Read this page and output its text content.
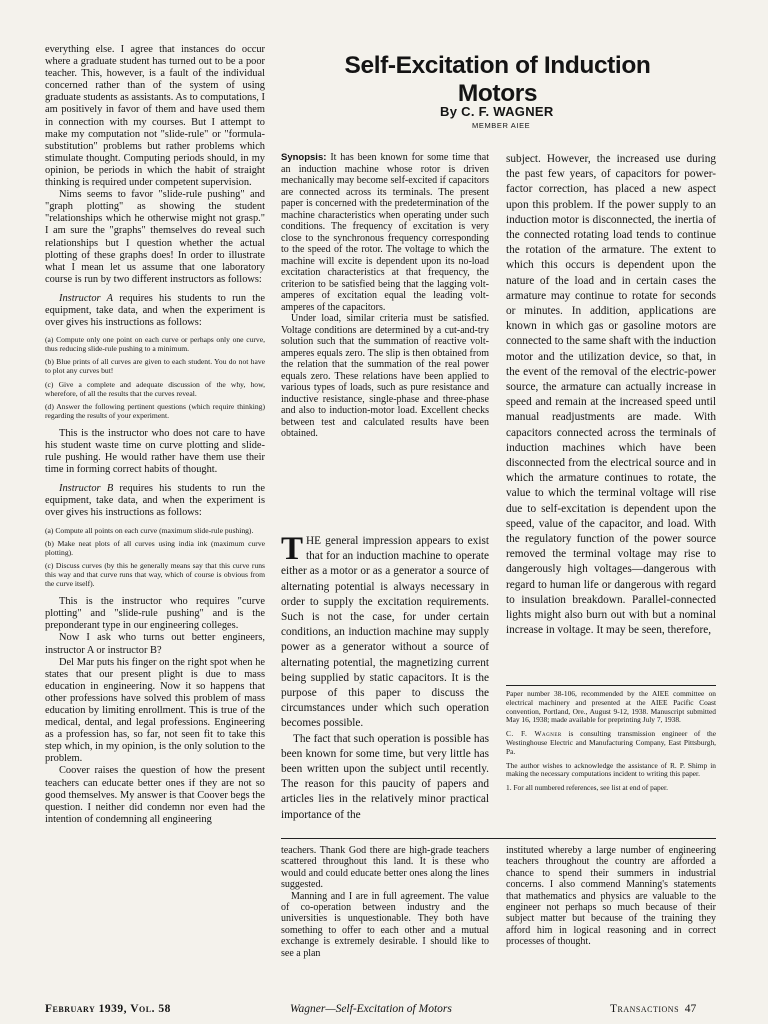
everything else. I agree that instances do occur where a graduate student has turned out to be a poor teacher. This, however, is a fault of the individual concerned rather than of the system of using graduate students as assistants. As to computations, I am positively in favor of them and have used them in connection with my courses. But I attempt to make my computation not "slide-rule" or "formula-substitution" problems but rather problems which stimulate thought. Computing periods should, in my opinion, be periods in which the habit of straight thinking is required under competent supervision.

Nims seems to favor "slide-rule pushing" and "graph plotting" as showing the student "relationships which he otherwise might not grasp." I am sure the "graphs" themselves do reveal such relationships but I question whether the actual plotting of these graphs does! In order to illustrate what I mean let us assume that one laboratory course is run by two different instructors as follows:

Instructor A requires his students to run the equipment, take data, and when the experiment is over gives his instructions as follows:

(a) Compute only one point on each curve or perhaps only one curve, thus reducing slide-rule pushing to a minimum.
(b) Blue prints of all curves are given to each student. You do not have to plot any curves but!
(c) Give a complete and adequate discussion of the why, how, wherefore, of all the results that the curves reveal.
(d) Answer the following pertinent questions (which require thinking) regarding the results of your experiment.

This is the instructor who does not care to have his student waste time on curve plotting and slide-rule pushing. He would rather have them use their time in forming correct habits of thought.

Instructor B requires his students to run the equipment, take data, and when the experiment is over gives his instructions as follows:

(a) Compute all points on each curve (maximum slide-rule pushing).
(b) Make neat plots of all curves using india ink (maximum curve plotting).
(c) Discuss curves (by this he generally means say that this curve runs this way and that curve runs that way, which of course is obvious from the curve itself).

This is the instructor who requires "curve plotting" and "slide-rule pushing" and is the preponderant type in our engineering colleges.

Now I ask who turns out better engineers, instructor A or instructor B?

Del Mar puts his finger on the right spot when he states that our present plight is due to mass education in engineering. Now it so happens that other professions have solved this problem of mass education by limiting enrollment. This is true of the medical, dental, and legal professions. Engineering as a profession has, so far, not seen fit to take this step which, in my opinion, is the only solution to the problem.

Coover raises the question of how the present teachers can educate better ones if they are not so good themselves. My answer is that Coover begs the question. I neither did condemn nor even had the intention of condemning all engineering

Self-Excitation of Induction Motors
By C. F. WAGNER
MEMBER AIEE

Synopsis: It has been known for some time that an induction machine whose rotor is driven mechanically may become self-excited if capacitors are connected across its terminals. The present paper is concerned with the predetermination of the machine characteristics when operating under such conditions. The frequency of excitation is very close to the synchronous frequency corresponding to the speed of the rotor. The voltage to which the machine will excite is dependent upon its no-load excitation characteristics at that frequency, the criterion to be satisfied being that the lagging volt-amperes of excitation equal the leading volt-amperes of the capacitors.

Under load, similar criteria must be satisfied. Voltage conditions are determined by a cut-and-try solution such that the summation of reactive volt-amperes equals zero. The slip is then obtained from the relation that the summation of the real power equals zero. These relations have been applied to various types of loads, such as pure resistance and inductive resistance, single-phase and three-phase and also to induction-motor load. Excellent checks between test and calculated results have been obtained.

THE general impression appears to exist that for an induction machine to operate either as a motor or as a generator a source of alternating potential is always necessary in order to supply the excitation requirements. Such is not the case, for under certain conditions, an induction machine may supply power as a generator without a source of alternating potential, the magnetizing current being supplied by static capacitors. It is the purpose of this paper to discuss the circumstances under which such operation becomes possible.

The fact that such operation is possible has been known for some time, but very little has been written upon the subject until recently. The reason for this paucity of papers and articles lies in the relatively minor practical importance of the

subject. However, the increased use during the past few years, of capacitors for power-factor correction, has placed a new aspect upon this problem. If the power supply to an induction motor is disconnected, the inertia of the connected rotating load tends to continue the rotation of the armature. The extent to which this occurs is dependent upon the nature of the load and in certain cases the armature may continue to rotate for seconds or minutes. In addition, applications are known in which gas or gasoline motors are connected to the same shaft with the induction motor and the utilization device, so that, in the event of the removal of the electric-power source, the armature can actually increase in speed and remain at the increased speed until manual readjustments are made. With capacitors connected across the terminals of induction machines which have been disconnected from the electrical source and in which the armature continues to rotate, the value to which the terminal voltage will rise due to self-excitation is dependent upon the speed, value of the capacitor, and load. With the regulatory function of the power source removed the terminal voltage may rise to dangerously high voltages—dangerous with regard to human life or dangerous with regard to insulation breakdown. Parallel-connected lights might also burn out with but a nominal increase in voltage. It may be seen, therefore,

Paper number 38-106, recommended by the AIEE committee on electrical machinery and presented at the AIEE Pacific Coast convention, Portland, Ore., August 9-12, 1938. Manuscript submitted May 16, 1938; made available for preprinting July 7, 1938.

C. F. Wagner is consulting transmission engineer of the Westinghouse Electric and Manufacturing Company, East Pittsburgh, Pa.

The author wishes to acknowledge the assistance of R. P. Shimp in making the necessary computations incident to writing this paper.

1. For all numbered references, see list at end of paper.

teachers. Thank God there are high-grade teachers scattered throughout this land. It is these who would and could educate better ones along the lines suggested.

Manning and I are in full agreement. The value of co-operation between industry and the universities is unquestionable. They both have something to offer to each other and a mutual exchange is extremely desirable. I should like to see a plan

instituted whereby a large number of engineering teachers throughout the country are afforded a chance to spend their summers in industrial concerns. I also commend Manning's statements that mathematics and physics are valuable to the engineer not perhaps so much because of their subject matter but because of the training they afford him in logical reasoning and in correct processes of thought.

February 1939, Vol. 58	Wagner—Self-Excitation of Motors	Transactions 47
